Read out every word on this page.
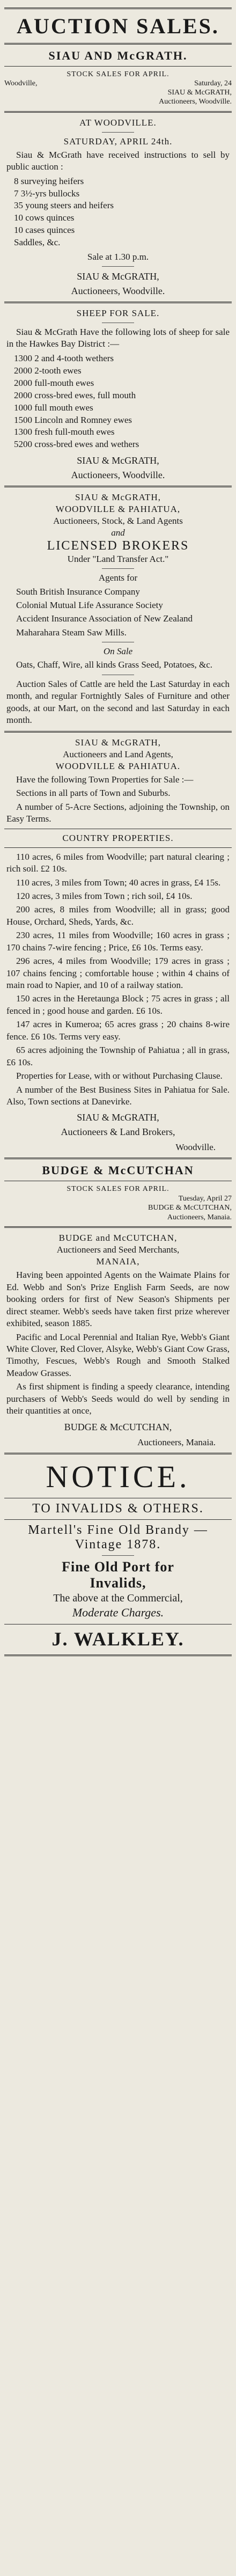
AUCTION SALES.
SIAU AND McGRATH.
STOCK SALES FOR APRIL.
Woodville,	Saturday, 24
SIAU & McGRATH,
Auctioneers, Woodville.
AT WOODVILLE.
SATURDAY, APRIL 24th.
Siau & McGrath have received instructions to sell by public auction :
8 surveying heifers
7 3½-yrs bullocks
35 young steers and heifers
10 cows quinces
10 cases quinces
Saddles, &c.
Sale at 1.30 p.m.
SIAU & McGRATH,
Auctioneers, Woodville.
SHEEP FOR SALE.
Siau & McGrath Have the following lots of sheep for sale in the Hawkes Bay District :—
1300 2 and 4-tooth wethers
2000 2-tooth ewes
2000 full-mouth ewes
2000 cross-bred ewes, full mouth
1000 full mouth ewes
1500 Lincoln and Romney ewes
1300 fresh full-mouth ewes
5200 cross-bred ewes and wethers
SIAU & McGRATH,
Auctioneers, Woodville.
SIAU & McGRATH,
WOODVILLE & PAHIATUA,
Auctioneers, Stock, & Land Agents
and
LICENSED BROKERS
Under "Land Transfer Act."
Agents for
South British Insurance Company
Colonial Mutual Life Assurance Society
Accident Insurance Association of New Zealand
Maharahara Steam Saw Mills.
On Sale
Oats, Chaff, Wire, all kinds Grass Seed, Potatoes, &c.
Auction Sales of Cattle are held the Last Saturday in each month, and regular Fortnightly Sales of Furniture and other goods, at our Mart, on the second and last Saturday in each month.
SIAU & McGRATH,
Auctioneers and Land Agents,
WOODVILLE & PAHIATUA.
Have the following Town Properties for Sale :—
Sections in all parts of Town and Suburbs.
A number of 5-Acre Sections, adjoining the Township, on Easy Terms.
COUNTRY PROPERTIES.
110 acres, 6 miles from Woodville; part natural clearing ; rich soil. £2 10s.
110 acres, 3 miles from Town; 40 acres in grass, £4 15s.
120 acres, 3 miles from Town ; rich soil, £4 10s.
200 acres, 8 miles from Woodville; all in grass; good House, Orchard, Sheds, Yards, &c.
230 acres, 11 miles from Woodville; 160 acres in grass ; 170 chains 7-wire fencing ; Price, £6 10s. Terms easy.
296 acres, 4 miles from Woodville; 179 acres in grass ; 107 chains fencing ; comfortable house ; within 4 chains of main road to Napier, and 10 of a railway station.
150 acres in the Heretaunga Block ; 75 acres in grass ; all fenced in ; good house and garden. £6 10s.
147 acres in Kumeroa; 65 acres grass ; 20 chains 8-wire fence. £6 10s. Terms very easy.
65 acres adjoining the Township of Pahiatua ; all in grass, £6 10s.
Properties for Lease, with or without Purchasing Clause.
A number of the Best Business Sites in Pahiatua for Sale. Also, Town sections at Danevirke.
SIAU & McGRATH,
Auctioneers & Land Brokers,
Woodville.
BUDGE & McCUTCHAN
STOCK SALES FOR APRIL.
Tuesday, April 27
BUDGE & McCUTCHAN,
Auctioneers, Manaia.
BUDGE and McCUTCHAN,
Auctioneers and Seed Merchants,
MANAIA,
Having been appointed Agents on the Waimate Plains for Ed. Webb and Son's Prize English Farm Seeds, are now booking orders for first of New Season's Shipments per direct steamer. Webb's seeds have taken first prize wherever exhibited, season 1885.
Pacific and Local Perennial and Italian Rye, Webb's Giant White Clover, Red Clover, Alsyke, Webb's Giant Cow Grass, Timothy, Fescues, Webb's Rough and Smooth Stalked Meadow Grasses.
As first shipment is finding a speedy clearance, intending purchasers of Webb's Seeds would do well by sending in their quantities at once,
BUDGE & McCUTCHAN,
Auctioneers, Manaia.
NOTICE.
TO INVALIDS & OTHERS.
Martell's Fine Old Brandy —
Vintage 1878.
Fine Old Port for
Invalids,
The above at the Commercial,
Moderate Charges.
J. WALKLEY.
